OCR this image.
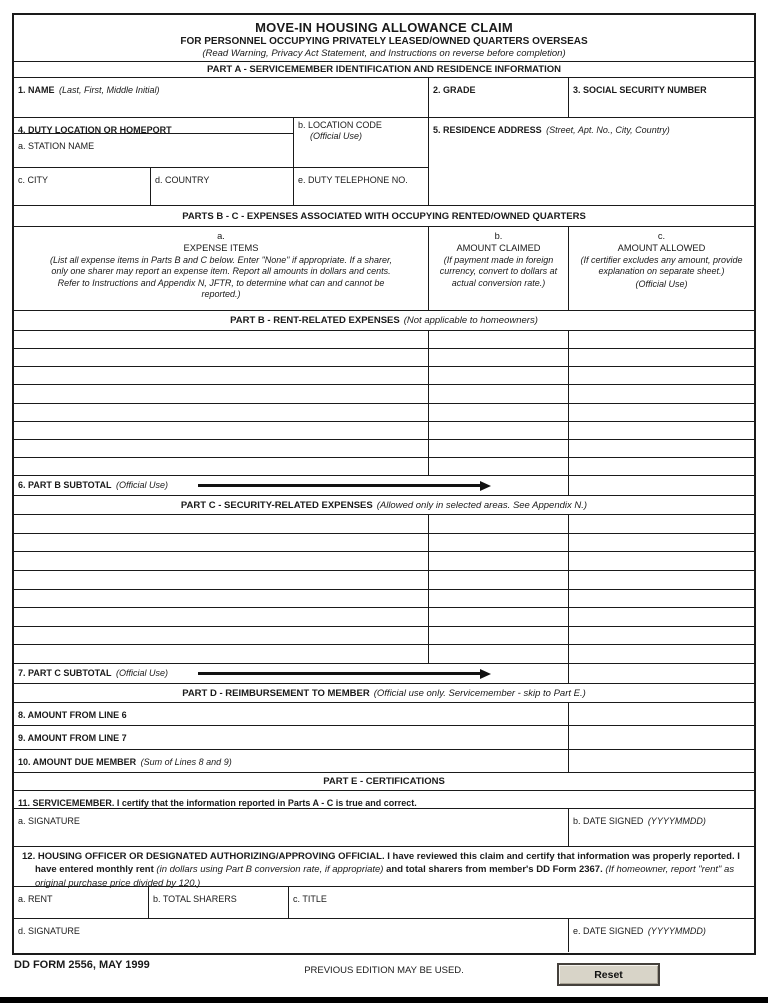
MOVE-IN HOUSING ALLOWANCE CLAIM
FOR PERSONNEL OCCUPYING PRIVATELY LEASED/OWNED QUARTERS OVERSEAS
(Read Warning, Privacy Act Statement, and Instructions on reverse before completion)
PART A - SERVICEMEMBER IDENTIFICATION AND RESIDENCE INFORMATION
1. NAME (Last, First, Middle Initial)	2. GRADE	3. SOCIAL SECURITY NUMBER
4. DUTY LOCATION OR HOMEPORT
a. STATION NAME
b. LOCATION CODE
(Official Use)
c. CITY	d. COUNTRY	e. DUTY TELEPHONE NO.
5. RESIDENCE ADDRESS (Street, Apt. No., City, Country)
PARTS B - C - EXPENSES ASSOCIATED WITH OCCUPYING RENTED/OWNED QUARTERS
a.
EXPENSE ITEMS
(List all expense items in Parts B and C below. Enter "None" if appropriate. If a sharer, only one sharer may report an expense item. Report all amounts in dollars and cents. Refer to Instructions and Appendix N, JFTR, to determine what can and cannot be reported.)
b.
AMOUNT CLAIMED
(If payment made in foreign currency, convert to dollars at actual conversion rate.)
c.
AMOUNT ALLOWED
(If certifier excludes any amount, provide explanation on separate sheet.)
(Official Use)
PART B - RENT-RELATED EXPENSES (Not applicable to homeowners)
6. PART B SUBTOTAL
(Official Use)
PART C - SECURITY-RELATED EXPENSES (Allowed only in selected areas. See Appendix N.)
7. PART C SUBTOTAL
(Official Use)
PART D - REIMBURSEMENT TO MEMBER (Official use only. Servicemember - skip to Part E.)
8. AMOUNT FROM LINE 6
9. AMOUNT FROM LINE 7
10. AMOUNT DUE MEMBER (Sum of Lines 8 and 9)
PART E - CERTIFICATIONS
11. SERVICEMEMBER. I certify that the information reported in Parts A - C is true and correct.
a. SIGNATURE	b. DATE SIGNED (YYYYMMDD)
12. HOUSING OFFICER OR DESIGNATED AUTHORIZING/APPROVING OFFICIAL. I have reviewed this claim and certify that information was properly reported. I have entered monthly rent (in dollars using Part B conversion rate, if appropriate) and total sharers from member's DD Form 2367. (If homeowner, report "rent" as original purchase price divided by 120.)
a. RENT	b. TOTAL SHARERS	c. TITLE
d. SIGNATURE	e. DATE SIGNED (YYYYMMDD)
DD FORM 2556, MAY 1999	PREVIOUS EDITION MAY BE USED.	Reset
